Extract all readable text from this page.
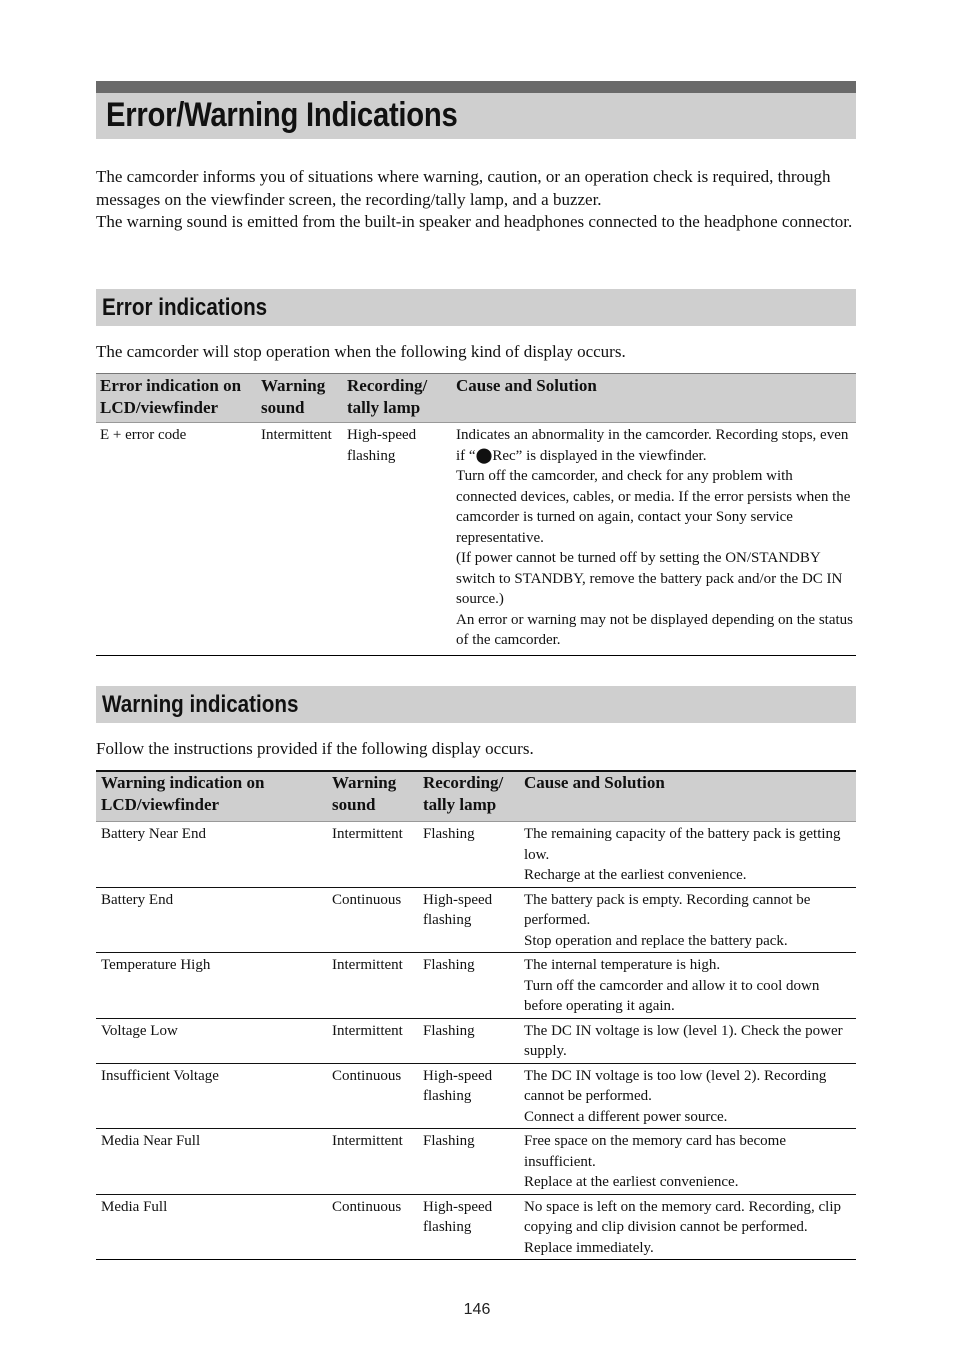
Error/Warning Indications

The camcorder informs you of situations where warning, caution, or an operation check is required, through messages on the viewfinder screen, the recording/tally lamp, and a buzzer.

The warning sound is emitted from the built-in speaker and headphones connected to the headphone connector.

Error indications

The camcorder will stop operation when the following kind of display occurs.

Error indication on LCD/viewfinder	Warning sound	Recording/ tally lamp	Cause and Solution
E + error code	Intermittent	High-speed flashing	Indicates an abnormality in the camcorder. Recording stops, even if “⬤Rec” is displayed in the viewfinder.
Turn off the camcorder, and check for any problem with connected devices, cables, or media. If the error persists when the camcorder is turned on again, contact your Sony service representative.
(If power cannot be turned off by setting the ON/STANDBY switch to STANDBY, remove the battery pack and/or the DC IN source.)
An error or warning may not be displayed depending on the status of the camcorder.
Warning indications

Follow the instructions provided if the following display occurs.

Warning indication on LCD/viewfinder	Warning sound	Recording/ tally lamp	Cause and Solution
Battery Near End	Intermittent	Flashing	The remaining capacity of the battery pack is getting low.
Recharge at the earliest convenience.

Battery End	Continuous	High-speed flashing	The battery pack is empty. Recording cannot be performed.
Stop operation and replace the battery pack.

Temperature High	Intermittent	Flashing	The internal temperature is high.
Turn off the camcorder and allow it to cool down before operating it again.

Voltage Low	Intermittent	Flashing	The DC IN voltage is low (level 1). Check the power supply.

Insufficient Voltage	Continuous	High-speed flashing	The DC IN voltage is too low (level 2). Recording cannot be performed.
Connect a different power source.

Media Near Full	Intermittent	Flashing	Free space on the memory card has become insufficient.
Replace at the earliest convenience.

Media Full	Continuous	High-speed flashing	No space is left on the memory card. Recording, clip copying and clip division cannot be performed.
Replace immediately.
146
